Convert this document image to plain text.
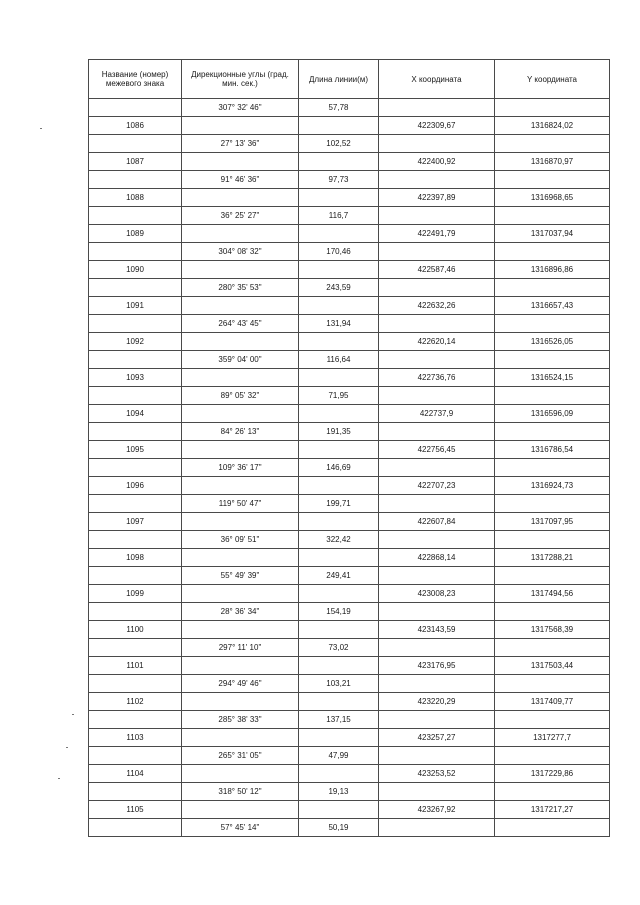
Название (номер) межевого знака	Дирекционные углы (град. мин. сек.)	Длина линии(м)	Х координата	Y координата
	307° 32' 46"	57,78		
1086			422309,67	1316824,02
	27° 13' 36"	102,52		
1087			422400,92	1316870,97
	91° 46' 36"	97,73		
1088			422397,89	1316968,65
	36° 25' 27"	116,7		
1089			422491,79	1317037,94
	304° 08' 32"	170,46		
1090			422587,46	1316896,86
	280° 35' 53"	243,59		
1091			422632,26	1316657,43
	264° 43' 45"	131,94		
1092			422620,14	1316526,05
	359° 04' 00"	116,64		
1093			422736,76	1316524,15
	89° 05' 32"	71,95		
1094			422737,9	1316596,09
	84° 26' 13"	191,35		
1095			422756,45	1316786,54
	109° 36' 17"	146,69		
1096			422707,23	1316924,73
	119° 50' 47"	199,71		
1097			422607,84	1317097,95
	36° 09' 51"	322,42		
1098			422868,14	1317288,21
	55° 49' 39"	249,41		
1099			423008,23	1317494,56
	28° 36' 34"	154,19		
1100			423143,59	1317568,39
	297° 11' 10"	73,02		
1101			423176,95	1317503,44
	294° 49' 46"	103,21		
1102			423220,29	1317409,77
	285° 38' 33"	137,15		
1103			423257,27	1317277,7
	265° 31' 05"	47,99		
1104			423253,52	1317229,86
	318° 50' 12"	19,13		
1105			423267,92	1317217,27
	57° 45' 14"	50,19		
